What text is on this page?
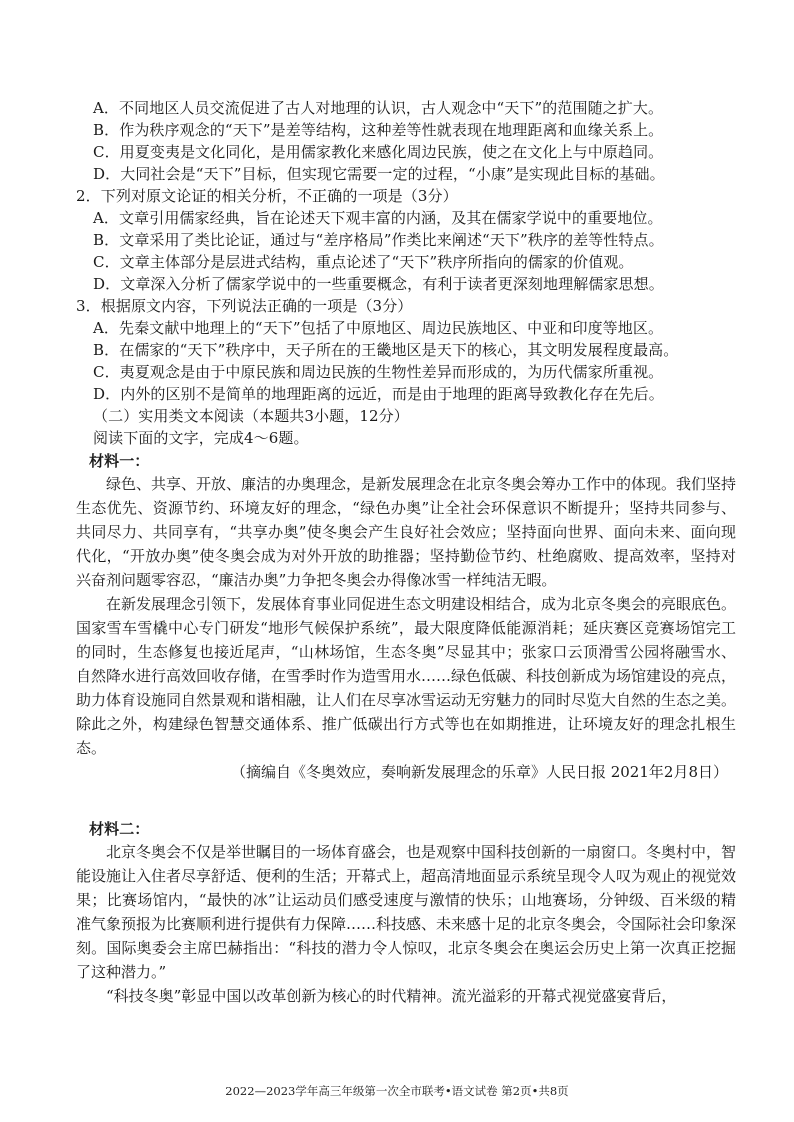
A．不同地区人员交流促进了古人对地理的认识，古人观念中“天下”的范围随之扩大。
B．作为秩序观念的“天下”是差等结构，这种差等性就表现在地理距离和血缘关系上。
C．用夏变夷是文化同化，是用儒家教化来感化周边民族，使之在文化上与中原趋同。
D．大同社会是“天下”目标，但实现它需要一定的过程，“小康”是实现此目标的基础。
2．下列对原文论证的相关分析，不正确的一项是（3分）
A．文章引用儒家经典，旨在论述天下观丰富的内涵，及其在儒家学说中的重要地位。
B．文章采用了类比论证，通过与“差序格局”作类比来阐述“天下”秩序的差等性特点。
C．文章主体部分是层进式结构，重点论述了“天下”秩序所指向的儒家的价值观。
D．文章深入分析了儒家学说中的一些重要概念，有利于读者更深刻地理解儒家思想。
3．根据原文内容，下列说法正确的一项是（3分）
A．先秦文献中地理上的“天下”包括了中原地区、周边民族地区、中亚和印度等地区。
B．在儒家的“天下”秩序中，天子所在的王畿地区是天下的核心，其文明发展程度最高。
C．夷夏观念是由于中原民族和周边民族的生物性差异而形成的，为历代儒家所重视。
D．内外的区别不是简单的地理距离的远近，而是由于地理的距离导致教化存在先后。
（二）实用类文本阅读（本题共3小题，12分）
阅读下面的文字，完成4～6题。
材料一：

绿色、共享、开放、廉洁的办奥理念，是新发展理念在北京冬奥会筹办工作中的体现。我们坚持生态优先、资源节约、环境友好的理念，“绿色办奥”让全社会环保意识不断提升；坚持共同参与、共同尽力、共同享有，“共享办奥”使冬奥会产生良好社会效应；坚持面向世界、面向未来、面向现代化，“开放办奥”使冬奥会成为对外开放的助推器；坚持勤俭节约、杜绝腐败、提高效率，坚持对兴奋剂问题零容忍，“廉洁办奥”力争把冬奥会办得像冰雪一样纯洁无暇。

在新发展理念引领下，发展体育事业同促进生态文明建设相结合，成为北京冬奥会的亮眼底色。国家雪车雪橇中心专门研发“地形气候保护系统”，最大限度降低能源消耗；延庆赛区竞赛场馆完工的同时，生态修复也接近尾声，“山林场馆，生态冬奥”尽显其中；张家口云顶滑雪公园将融雪水、自然降水进行高效回收存储，在雪季时作为造雪用水……绿色低碳、科技创新成为场馆建设的亮点，助力体育设施同自然景观和谐相融，让人们在尽享冰雪运动无穷魅力的同时尽览大自然的生态之美。除此之外，构建绿色智慧交通体系、推广低碳出行方式等也在如期推进，让环境友好的理念扎根生态。

（摘编自《冬奥效应，奏响新发展理念的乐章》人民日报 2021年2月8日）

材料二：

北京冬奥会不仅是举世瞩目的一场体育盛会，也是观察中国科技创新的一扇窗口。冬奥村中，智能设施让入住者尽享舒适、便利的生活；开幕式上，超高清地面显示系统呈现令人叹为观止的视觉效果；比赛场馆内，“最快的冰”让运动员们感受速度与激情的快乐；山地赛场，分钟级、百米级的精准气象预报为比赛顺利进行提供有力保障……科技感、未来感十足的北京冬奥会，令国际社会印象深刻。国际奥委会主席巴赫指出：“科技的潜力令人惊叹，北京冬奥会在奥运会历史上第一次真正挖掘了这种潜力。”

“科技冬奥”彰显中国以改革创新为核心的时代精神。流光溢彩的开幕式视觉盛宴背后，

2022—2023学年高三年级第一次全市联考•语文试卷 第2页•共8页
